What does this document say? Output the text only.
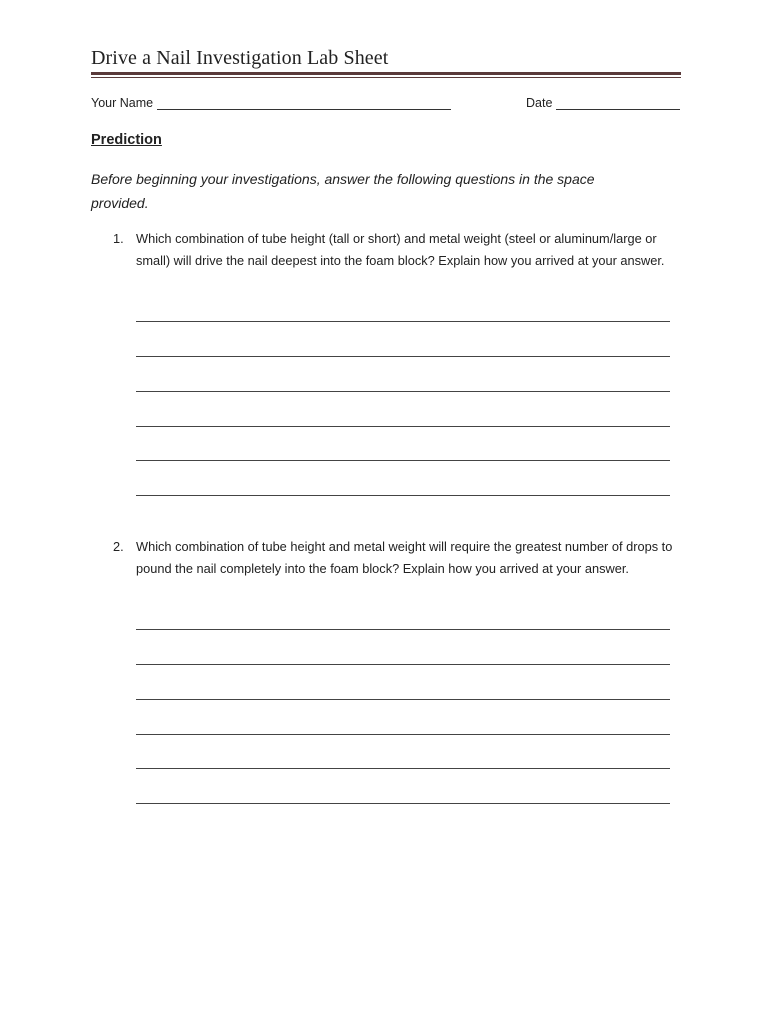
Drive a Nail Investigation Lab Sheet
Your Name	Date
Prediction
Before beginning your investigations, answer the following questions in the space provided.
1. Which combination of tube height (tall or short) and metal weight (steel or aluminum/large or small) will drive the nail deepest into the foam block? Explain how you arrived at your answer.
2. Which combination of tube height and metal weight will require the greatest number of drops to pound the nail completely into the foam block? Explain how you arrived at your answer.
